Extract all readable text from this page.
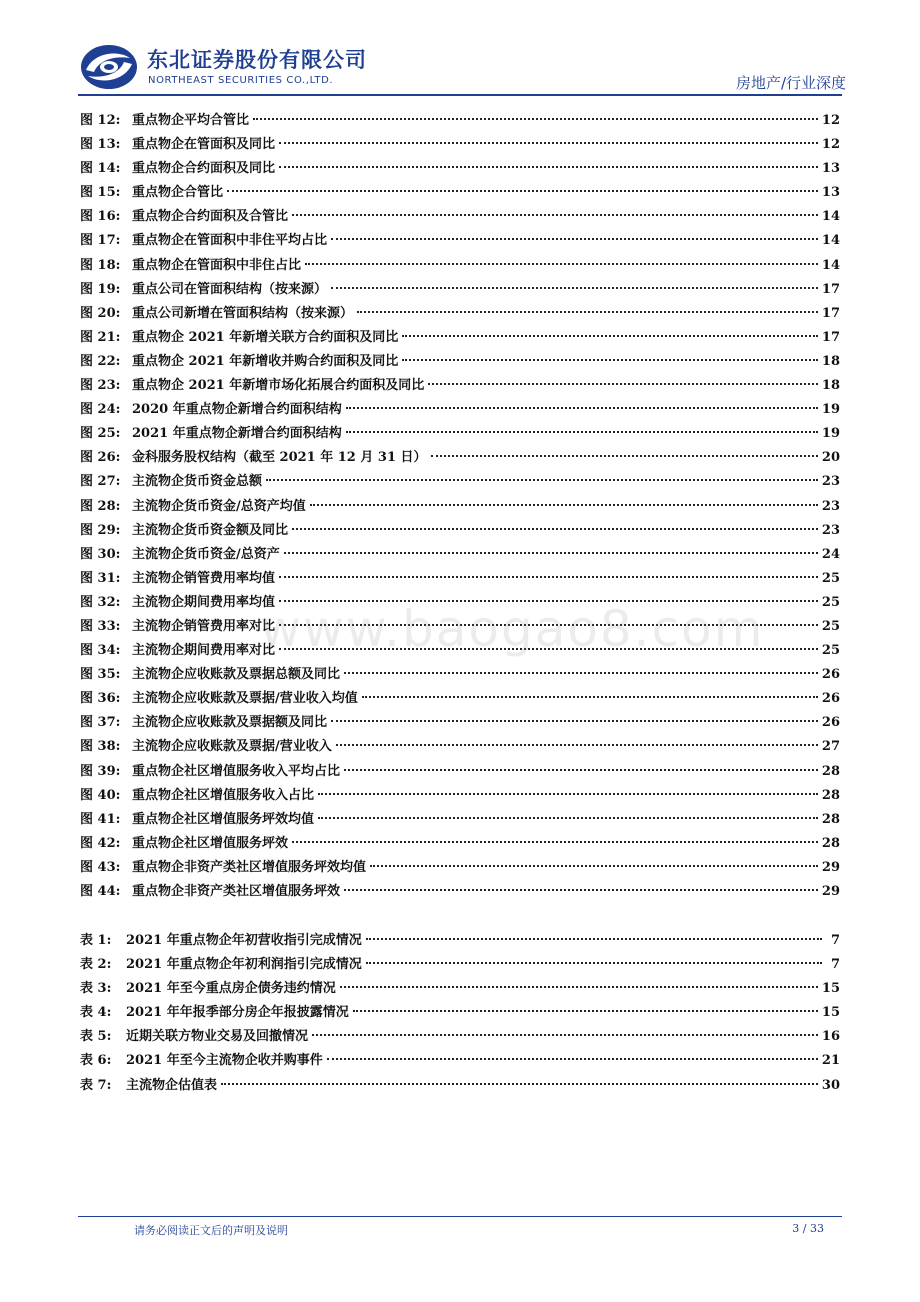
东北证券股份有限公司
NORTHEAST SECURITIES CO.,LTD.	房地产/行业深度
图 12: 重点物企平均合管比	12
图 13: 重点物企在管面积及同比	12
图 14: 重点物企合约面积及同比	13
图 15: 重点物企合管比	13
图 16: 重点物企合约面积及合管比	14
图 17: 重点物企在管面积中非住平均占比	14
图 18: 重点物企在管面积中非住占比	14
图 19: 重点公司在管面积结构（按来源）	17
图 20: 重点公司新增在管面积结构（按来源）	17
图 21: 重点物企 2021 年新增关联方合约面积及同比	17
图 22: 重点物企 2021 年新增收并购合约面积及同比	18
图 23: 重点物企 2021 年新增市场化拓展合约面积及同比	18
图 24: 2020 年重点物企新增合约面积结构	19
图 25: 2021 年重点物企新增合约面积结构	19
图 26: 金科服务股权结构（截至 2021 年 12 月 31 日）	20
图 27: 主流物企货币资金总额	23
图 28: 主流物企货币资金/总资产均值	23
图 29: 主流物企货币资金额及同比	23
图 30: 主流物企货币资金/总资产	24
图 31: 主流物企销管费用率均值	25
图 32: 主流物企期间费用率均值	25
图 33: 主流物企销管费用率对比	25
图 34: 主流物企期间费用率对比	25
图 35: 主流物企应收账款及票据总额及同比	26
图 36: 主流物企应收账款及票据/营业收入均值	26
图 37: 主流物企应收账款及票据额及同比	26
图 38: 主流物企应收账款及票据/营业收入	27
图 39: 重点物企社区增值服务收入平均占比	28
图 40: 重点物企社区增值服务收入占比	28
图 41: 重点物企社区增值服务坪效均值	28
图 42: 重点物企社区增值服务坪效	28
图 43: 重点物企非资产类社区增值服务坪效均值	29
图 44: 重点物企非资产类社区增值服务坪效	29
表 1:	2021 年重点物企年初营收指引完成情况	7
表 2:	2021 年重点物企年初利润指引完成情况	7
表 3:	2021 年至今重点房企债务违约情况	15
表 4:	2021 年年报季部分房企年报披露情况	15
表 5:	近期关联方物业交易及回撤情况	16
表 6:	2021 年至今主流物企收并购事件	21
表 7:	主流物企估值表	30
www.baogao8.com
请务必阅读正文后的声明及说明	3 / 33
